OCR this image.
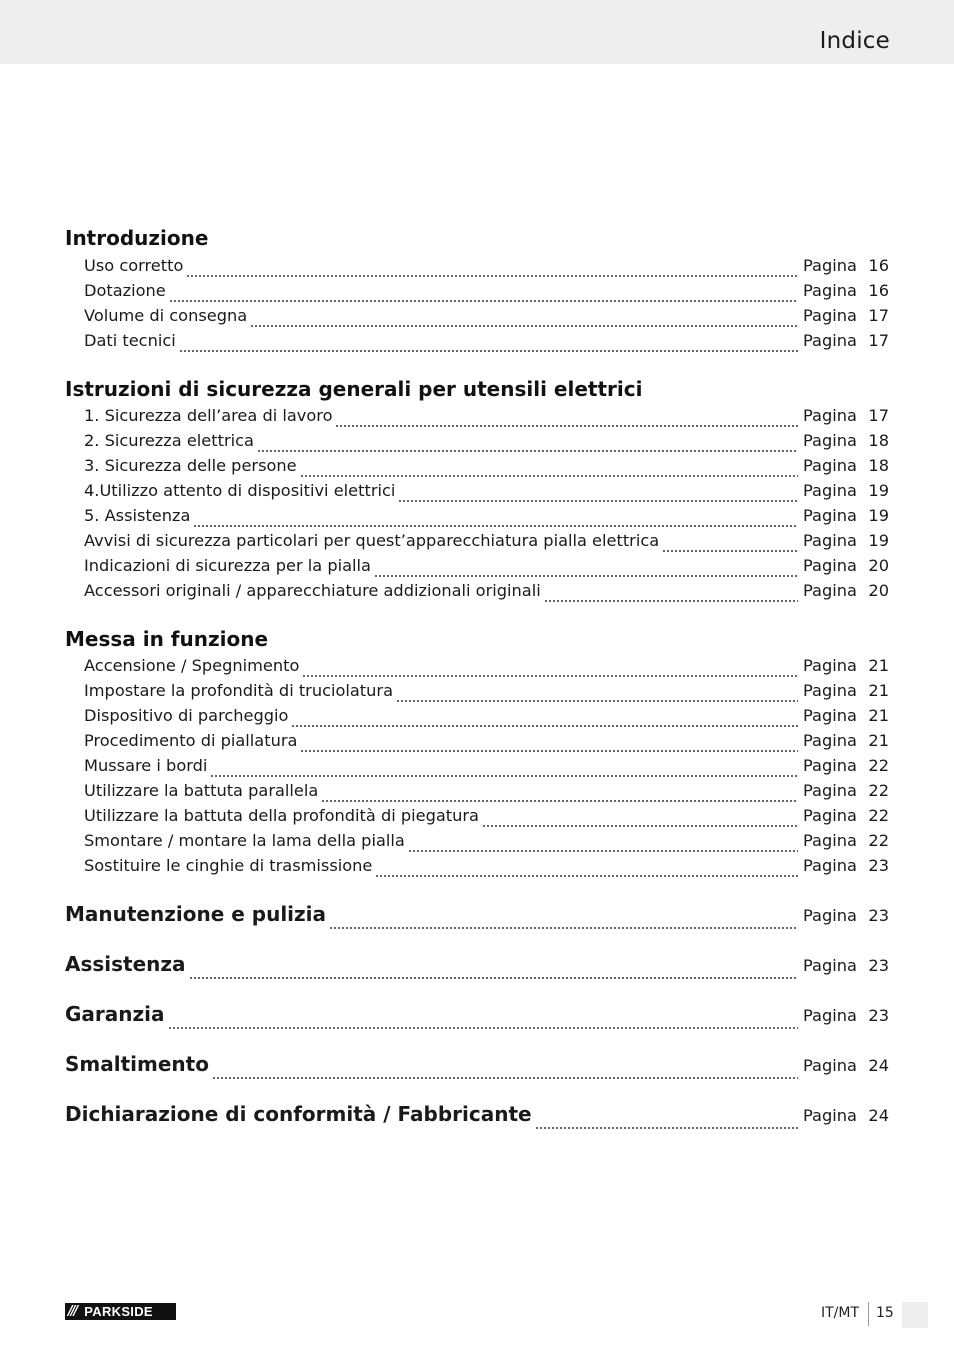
Indice
Introduzione
Uso corretto	Pagina 16
Dotazione	Pagina 16
Volume di consegna	Pagina 17
Dati tecnici	Pagina 17
Istruzioni di sicurezza generali per utensili elettrici
1. Sicurezza dell’area di lavoro	Pagina 17
2. Sicurezza elettrica	Pagina 18
3. Sicurezza delle persone	Pagina 18
4.Utilizzo attento di dispositivi elettrici	Pagina 19
5. Assistenza	Pagina 19
Avvisi di sicurezza particolari per quest’apparecchiatura pialla elettrica	Pagina 19
Indicazioni di sicurezza per la pialla	Pagina 20
Accessori originali / apparecchiature addizionali originali	Pagina 20
Messa in funzione
Accensione / Spegnimento	Pagina 21
Impostare la profondità di truciolatura	Pagina 21
Dispositivo di parcheggio	Pagina 21
Procedimento di piallatura	Pagina 21
Mussare i bordi	Pagina 22
Utilizzare la battuta parallela	Pagina 22
Utilizzare la battuta della profondità di piegatura	Pagina 22
Smontare / montare la lama della pialla	Pagina 22
Sostituire le cinghie di trasmissione	Pagina 23
Manutenzione e pulizia	Pagina 23
Assistenza	Pagina 23
Garanzia	Pagina 23
Smaltimento	Pagina 24
Dichiarazione di conformità / Fabbricante	Pagina 24
/// PARKSIDE	IT/MT 15
